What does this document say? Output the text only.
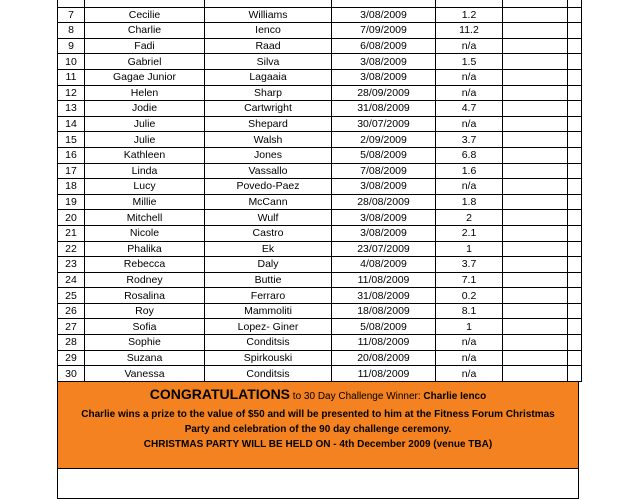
7	Cecilie	Williams	3/08/2009	1.2		
8	Charlie	Ienco	7/09/2009	11.2		
9	Fadi	Raad	6/08/2009	n/a		
10	Gabriel	Silva	3/08/2009	1.5		
11	Gagae Junior	Lagaaia	3/08/2009	n/a		
12	Helen	Sharp	28/09/2009	n/a		
13	Jodie	Cartwright	31/08/2009	4.7		
14	Julie	Shepard	30/07/2009	n/a		
15	Julie	Walsh	2/09/2009	3.7		
16	Kathleen	Jones	5/08/2009	6.8		
17	Linda	Vassallo	7/08/2009	1.6		
18	Lucy	Povedo-Paez	3/08/2009	n/a		
19	Millie	McCann	28/08/2009	1.8		
20	Mitchell	Wulf	3/08/2009	2		
21	Nicole	Castro	3/08/2009	2.1		
22	Phalika	Ek	23/07/2009	1		
23	Rebecca	Daly	4/08/2009	3.7		
24	Rodney	Buttie	11/08/2009	7.1		
25	Rosalina	Ferraro	31/08/2009	0.2		
26	Roy	Mammoliti	18/08/2009	8.1		
27	Sofia	Lopez- Giner	5/08/2009	1		
28	Sophie	Conditsis	11/08/2009	n/a		
29	Suzana	Spirkouski	20/08/2009	n/a		
30	Vanessa	Conditsis	11/08/2009	n/a		
CONGRATULATIONS to 30 Day Challenge Winner: Charlie Ienco
Charlie wins a prize to the value of $50 and will be presented to him at the Fitness Forum Christmas
Party and celebration of the 90 day challenge ceremony.
CHRISTMAS PARTY WILL BE HELD ON - 4th December 2009 (venue TBA)
